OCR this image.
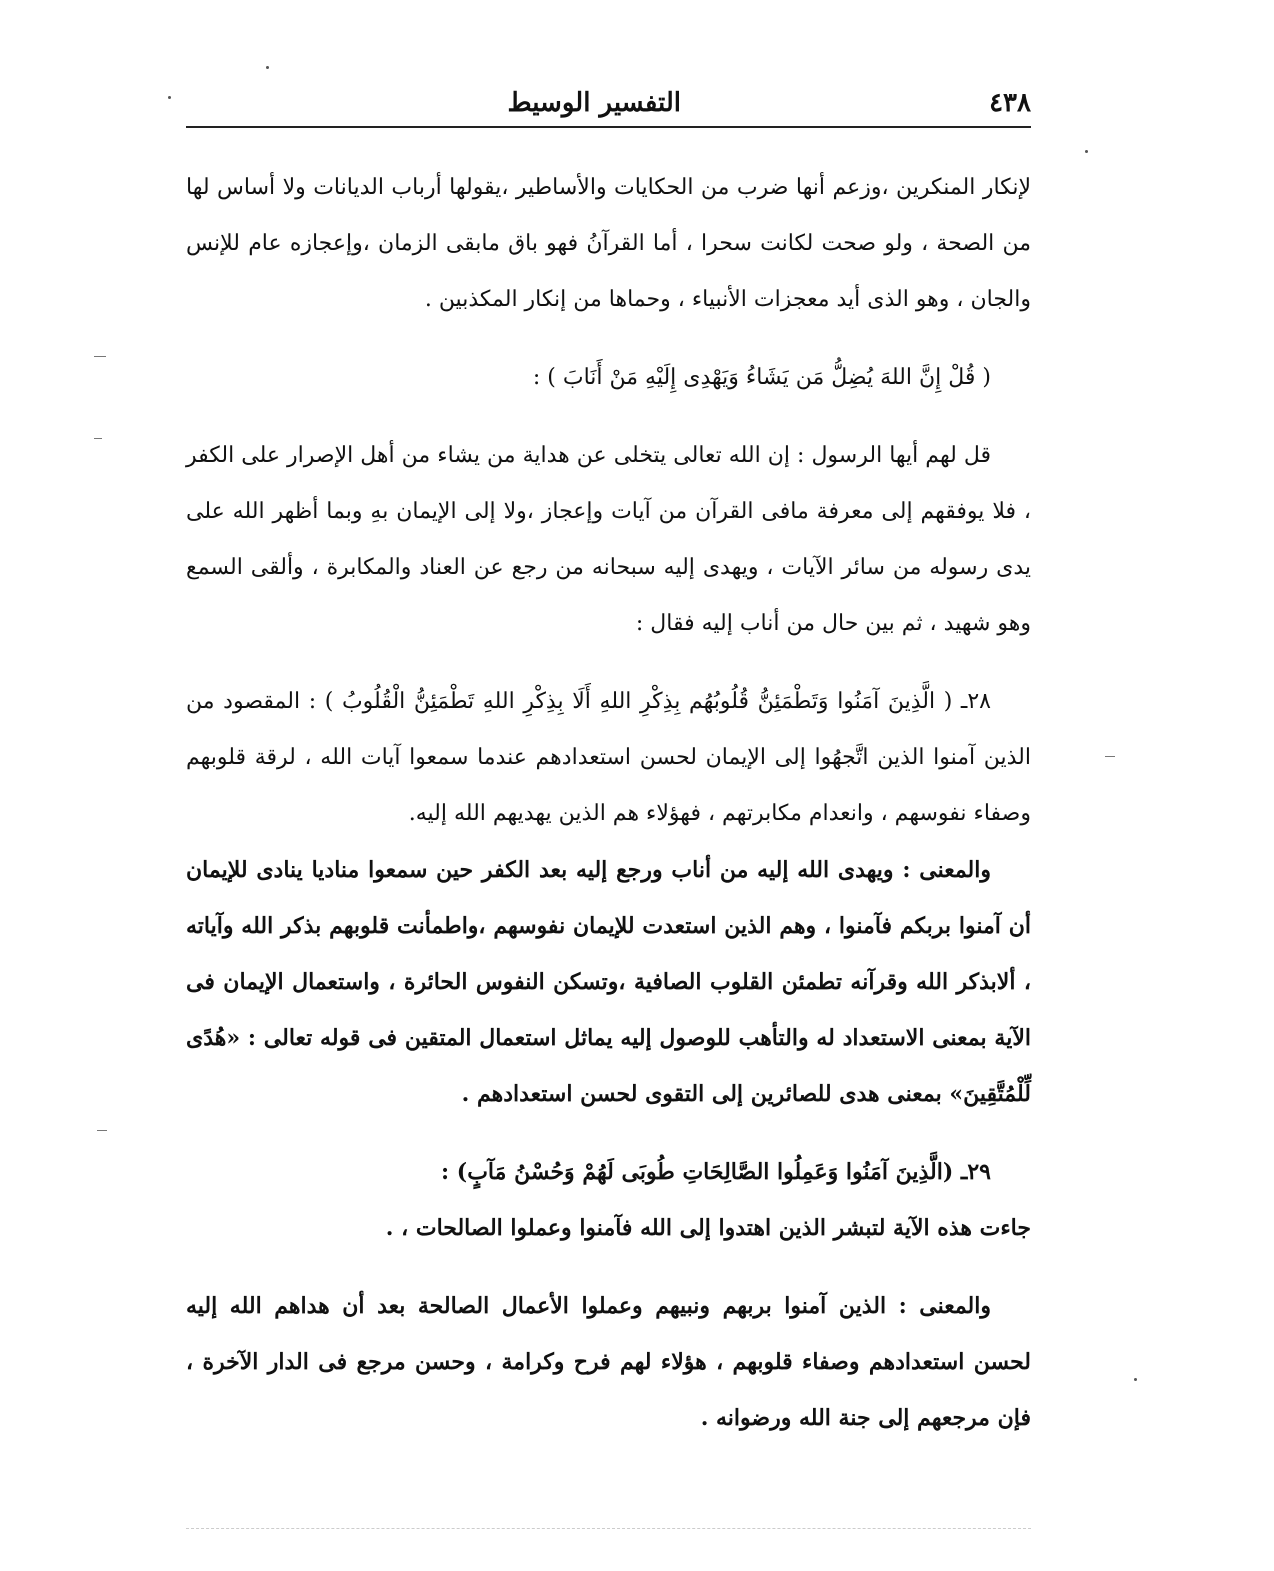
٤٣٨
التفسير الوسيط

لإنكار المنكرين ،وزعم أنها ضرب من الحكايات والأساطير ،يقولها أرباب الديانات ولا أساس لها من الصحة ، ولو صحت لكانت سحرا ، أما القرآنُ فهو باق مابقى الزمان ،وإعجازه عام للإنس والجان ، وهو الذى أيد معجزات الأنبياء ، وحماها من إنكار المكذبين .

( قُلْ إِنَّ اللهَ يُضِلُّ مَن يَشَاءُ وَيَهْدِى إِلَيْهِ مَنْ أَنَابَ ) :

قل لهم أيها الرسول : إن الله تعالى يتخلى عن هداية من يشاء من أهل الإصرار على الكفر ، فلا يوفقهم إلى معرفة مافى القرآن من آيات وإعجاز ،ولا إلى الإيمان بهِ وبما أظهر الله على يدى رسوله من سائر الآيات ، ويهدى إليه سبحانه من رجع عن العناد والمكابرة ، وألقى السمع وهو شهيد ، ثم بين حال من أناب إليه فقال :

٢٨ـ ( الَّذِينَ آمَنُوا وَتَطْمَئِنُّ قُلُوبُهُم بِذِكْرِ اللهِ أَلَا بِذِكْرِ اللهِ تَطْمَئِنُّ الْقُلُوبُ ) : المقصود من الذين آمنوا الذين اتَّجهُوا إلى الإيمان لحسن استعدادهم عندما سمعوا آيات الله ، لرقة قلوبهم وصفاء نفوسهم ، وانعدام مكابرتهم ، فهؤلاء هم الذين يهديهم الله إليه.

والمعنى : ويهدى الله إليه من أناب ورجع إليه بعد الكفر حين سمعوا مناديا ينادى للإيمان أن آمنوا بربكم فآمنوا ، وهم الذين استعدت للإيمان نفوسهم ،واطمأنت قلوبهم بذكر الله وآياته ، ألابذكر الله وقرآنه تطمئن القلوب الصافية ،وتسكن النفوس الحائرة ، واستعمال الإيمان فى الآية بمعنى الاستعداد له والتأهب للوصول إليه يماثل استعمال المتقين فى قوله تعالى : «هُدًى لِّلْمُتَّقِينَ» بمعنى هدى للصائرين إلى التقوى لحسن استعدادهم .

٢٩ـ (الَّذِينَ آمَنُوا وَعَمِلُوا الصَّالِحَاتِ طُوبَى لَهُمْ وَحُسْنُ مَآبٍ) :

جاءت هذه الآية لتبشر الذين اهتدوا إلى الله فآمنوا وعملوا الصالحات ، .

والمعنى : الذين آمنوا بربهم ونبيهم وعملوا الأعمال الصالحة بعد أن هداهم الله إليه لحسن استعدادهم وصفاء قلوبهم ، هؤلاء لهم فرح وكرامة ، وحسن مرجع فى الدار الآخرة ، فإن مرجعهم إلى جنة الله ورضوانه .
